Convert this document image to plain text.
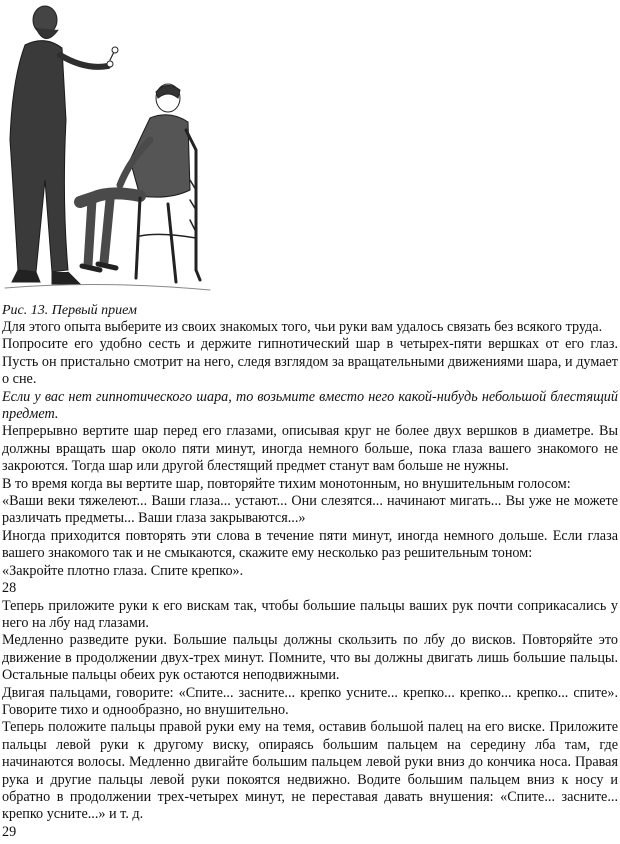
Рис. 13. Первый прием

Для этого опыта выберите из своих знакомых того, чьи руки вам удалось связать без всякого труда.

Попросите его удобно сесть и держите гипнотический шар в четырех-пяти вершках от его глаз. Пусть он пристально смотрит на него, следя взглядом за вращательными движениями шара, и думает о сне.

Если у вас нет гипнотического шара, то возьмите вместо него какой-нибудь небольшой блестящий предмет.

Непрерывно вертите шар перед его глазами, описывая круг не более двух вершков в диаметре. Вы должны вращать шар около пяти минут, иногда немного больше, пока глаза вашего знакомого не закроются. Тогда шар или другой блестящий предмет станут вам больше не нужны.

В то время когда вы вертите шар, повторяйте тихим монотонным, но внушительным голосом:

«Ваши веки тяжелеют... Ваши глаза... устают... Они слезятся... начинают мигать... Вы уже не можете различать предметы... Ваши глаза закрываются...»

Иногда приходится повторять эти слова в течение пяти минут, иногда немного дольше. Если глаза вашего знакомого так и не смыкаются, скажите ему несколько раз решительным тоном:

«Закройте плотно глаза. Спите крепко».

28

Теперь приложите руки к его вискам так, чтобы большие пальцы ваших рук почти соприкасались у него на лбу над глазами.

Медленно разведите руки. Большие пальцы должны скользить по лбу до висков. Повторяйте это движение в продолжении двух-трех минут. Помните, что вы должны двигать лишь большие пальцы. Остальные пальцы обеих рук остаются неподвижными.

Двигая пальцами, говорите: «Спите... засните... крепко усните... крепко... крепко... крепко... спите». Говорите тихо и однообразно, но внушительно.

Теперь положите пальцы правой руки ему на темя, оставив большой палец на его виске. Приложите пальцы левой руки к другому виску, опираясь большим пальцем на середину лба там, где начинаются волосы. Медленно двигайте большим пальцем левой руки вниз до кончика носа. Правая рука и другие пальцы левой руки покоятся недвижно. Водите большим пальцем вниз к носу и обратно в продолжении трех-четырех минут, не переставая давать внушения: «Спите... засните... крепко усните...» и т. д.

29
